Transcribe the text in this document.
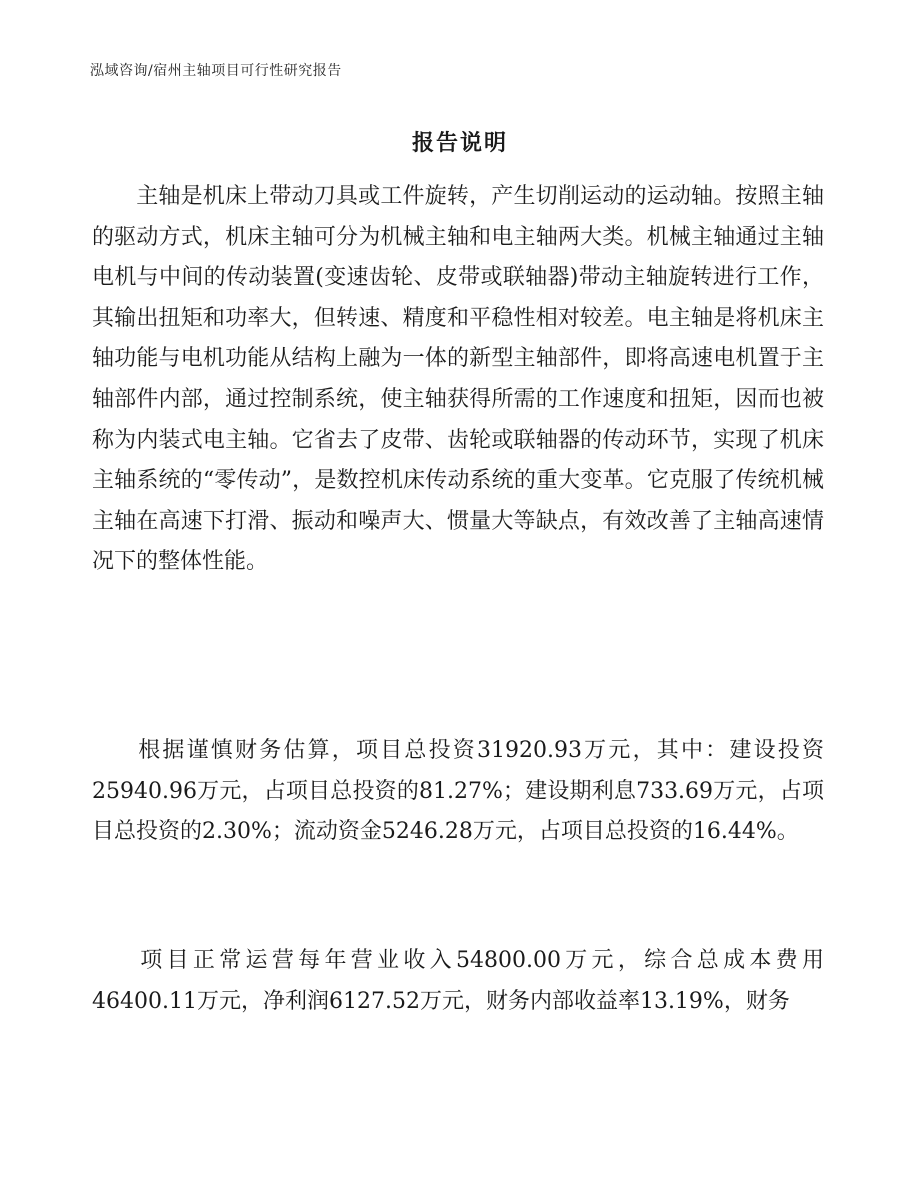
泓域咨询/宿州主轴项目可行性研究报告
报告说明

主轴是机床上带动刀具或工件旋转，产生切削运动的运动轴。按照主轴的驱动方式，机床主轴可分为机械主轴和电主轴两大类。机械主轴通过主轴电机与中间的传动装置(变速齿轮、皮带或联轴器)带动主轴旋转进行工作，其输出扭矩和功率大，但转速、精度和平稳性相对较差。电主轴是将机床主轴功能与电机功能从结构上融为一体的新型主轴部件，即将高速电机置于主轴部件内部，通过控制系统，使主轴获得所需的工作速度和扭矩，因而也被称为内装式电主轴。它省去了皮带、齿轮或联轴器的传动环节，实现了机床主轴系统的“零传动”，是数控机床传动系统的重大变革。它克服了传统机械主轴在高速下打滑、振动和噪声大、惯量大等缺点，有效改善了主轴高速情况下的整体性能。

根据谨慎财务估算，项目总投资31920.93万元，其中：建设投资25940.96万元，占项目总投资的81.27%；建设期利息733.69万元，占项目总投资的2.30%；流动资金5246.28万元，占项目总投资的16.44%。

项目正常运营每年营业收入54800.00万元，综合总成本费用46400.11万元，净利润6127.52万元，财务内部收益率13.19%，财务
